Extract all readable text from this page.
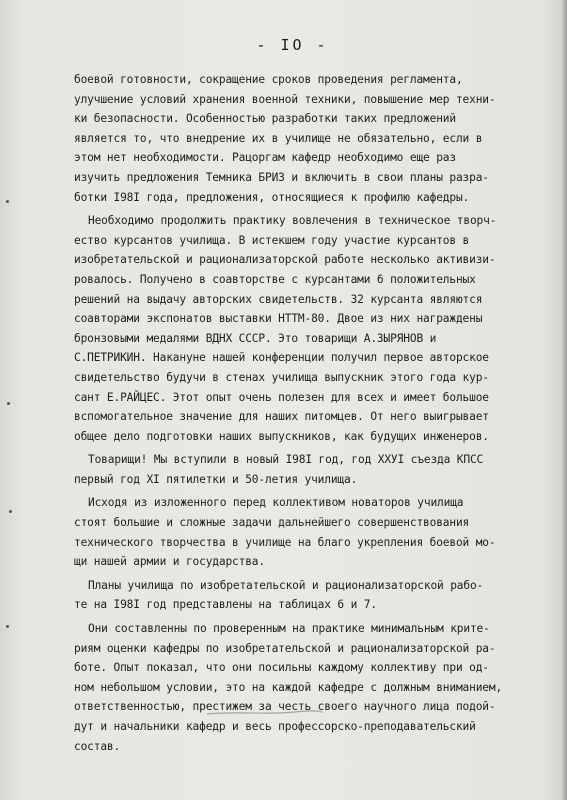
- IO -
боевой готовности, сокращение сроков проведения регламента,
улучшение условий хранения военной техники, повышение мер техни-
ки безопасности. Особенностью разработки таких предложений
является то, что внедрение их в училище не обязательно, если в
этом нет необходимости. Рацоргам кафедр необходимо еще раз
изучить предложения Темника БРИЗ и включить в свои планы разра-
ботки I98I года, предложения, относящиеся к профилю кафедры.
Необходимо продолжить практику вовлечения в техническое творч-
ество курсантов училища. В истекшем году участие курсантов в
изобретательской и рационализаторской работе несколько активизи-
ровалось. Получено в соавторстве с курсантами 6 положительных
решений на выдачу авторских свидетельств. 32 курсанта являются
соавторами экспонатов выставки НТТМ-80. Двое из них награждены
бронзовыми медалями ВДНХ СССР. Это товарищи А.ЗЫРЯНОВ и
С.ПЕТРИКИН. Накануне нашей конференции получил первое авторское
свидетельство будучи в стенах училища выпускник этого года кур-
сант Е.РАЙЦЕС. Этот опыт очень полезен для всех и имеет большое
вспомогательное значение для наших питомцев. От него выигрывает
общее дело подготовки наших выпускников, как будущих инженеров.
Товарищи! Мы вступили в новый I98I год, год XXУI съезда КПСС
первый год XI пятилетки и 50-летия училища.
Исходя из изложенного перед коллективом новаторов училища
стоят большие и сложные задачи дальнейшего совершенствования
технического творчества в училище на благо укрепления боевой мо-
щи нашей армии и государства.
Планы училища по изобретательской и рационализаторской рабо-
те на I98I год представлены на таблицах 6 и 7.
Они составленны по проверенным на практике минимальным крите-
риям оценки кафедры по изобретательской и рационализаторской ра-
боте. Опыт показал, что они посильны каждому коллективу при од-
ном небольшом условии, это на каждой кафедре с должным вниманием,
ответственностью, престижем за честь своего научного лица подой-
дут и начальники кафедр и весь профессорско-преподавательский
состав.
